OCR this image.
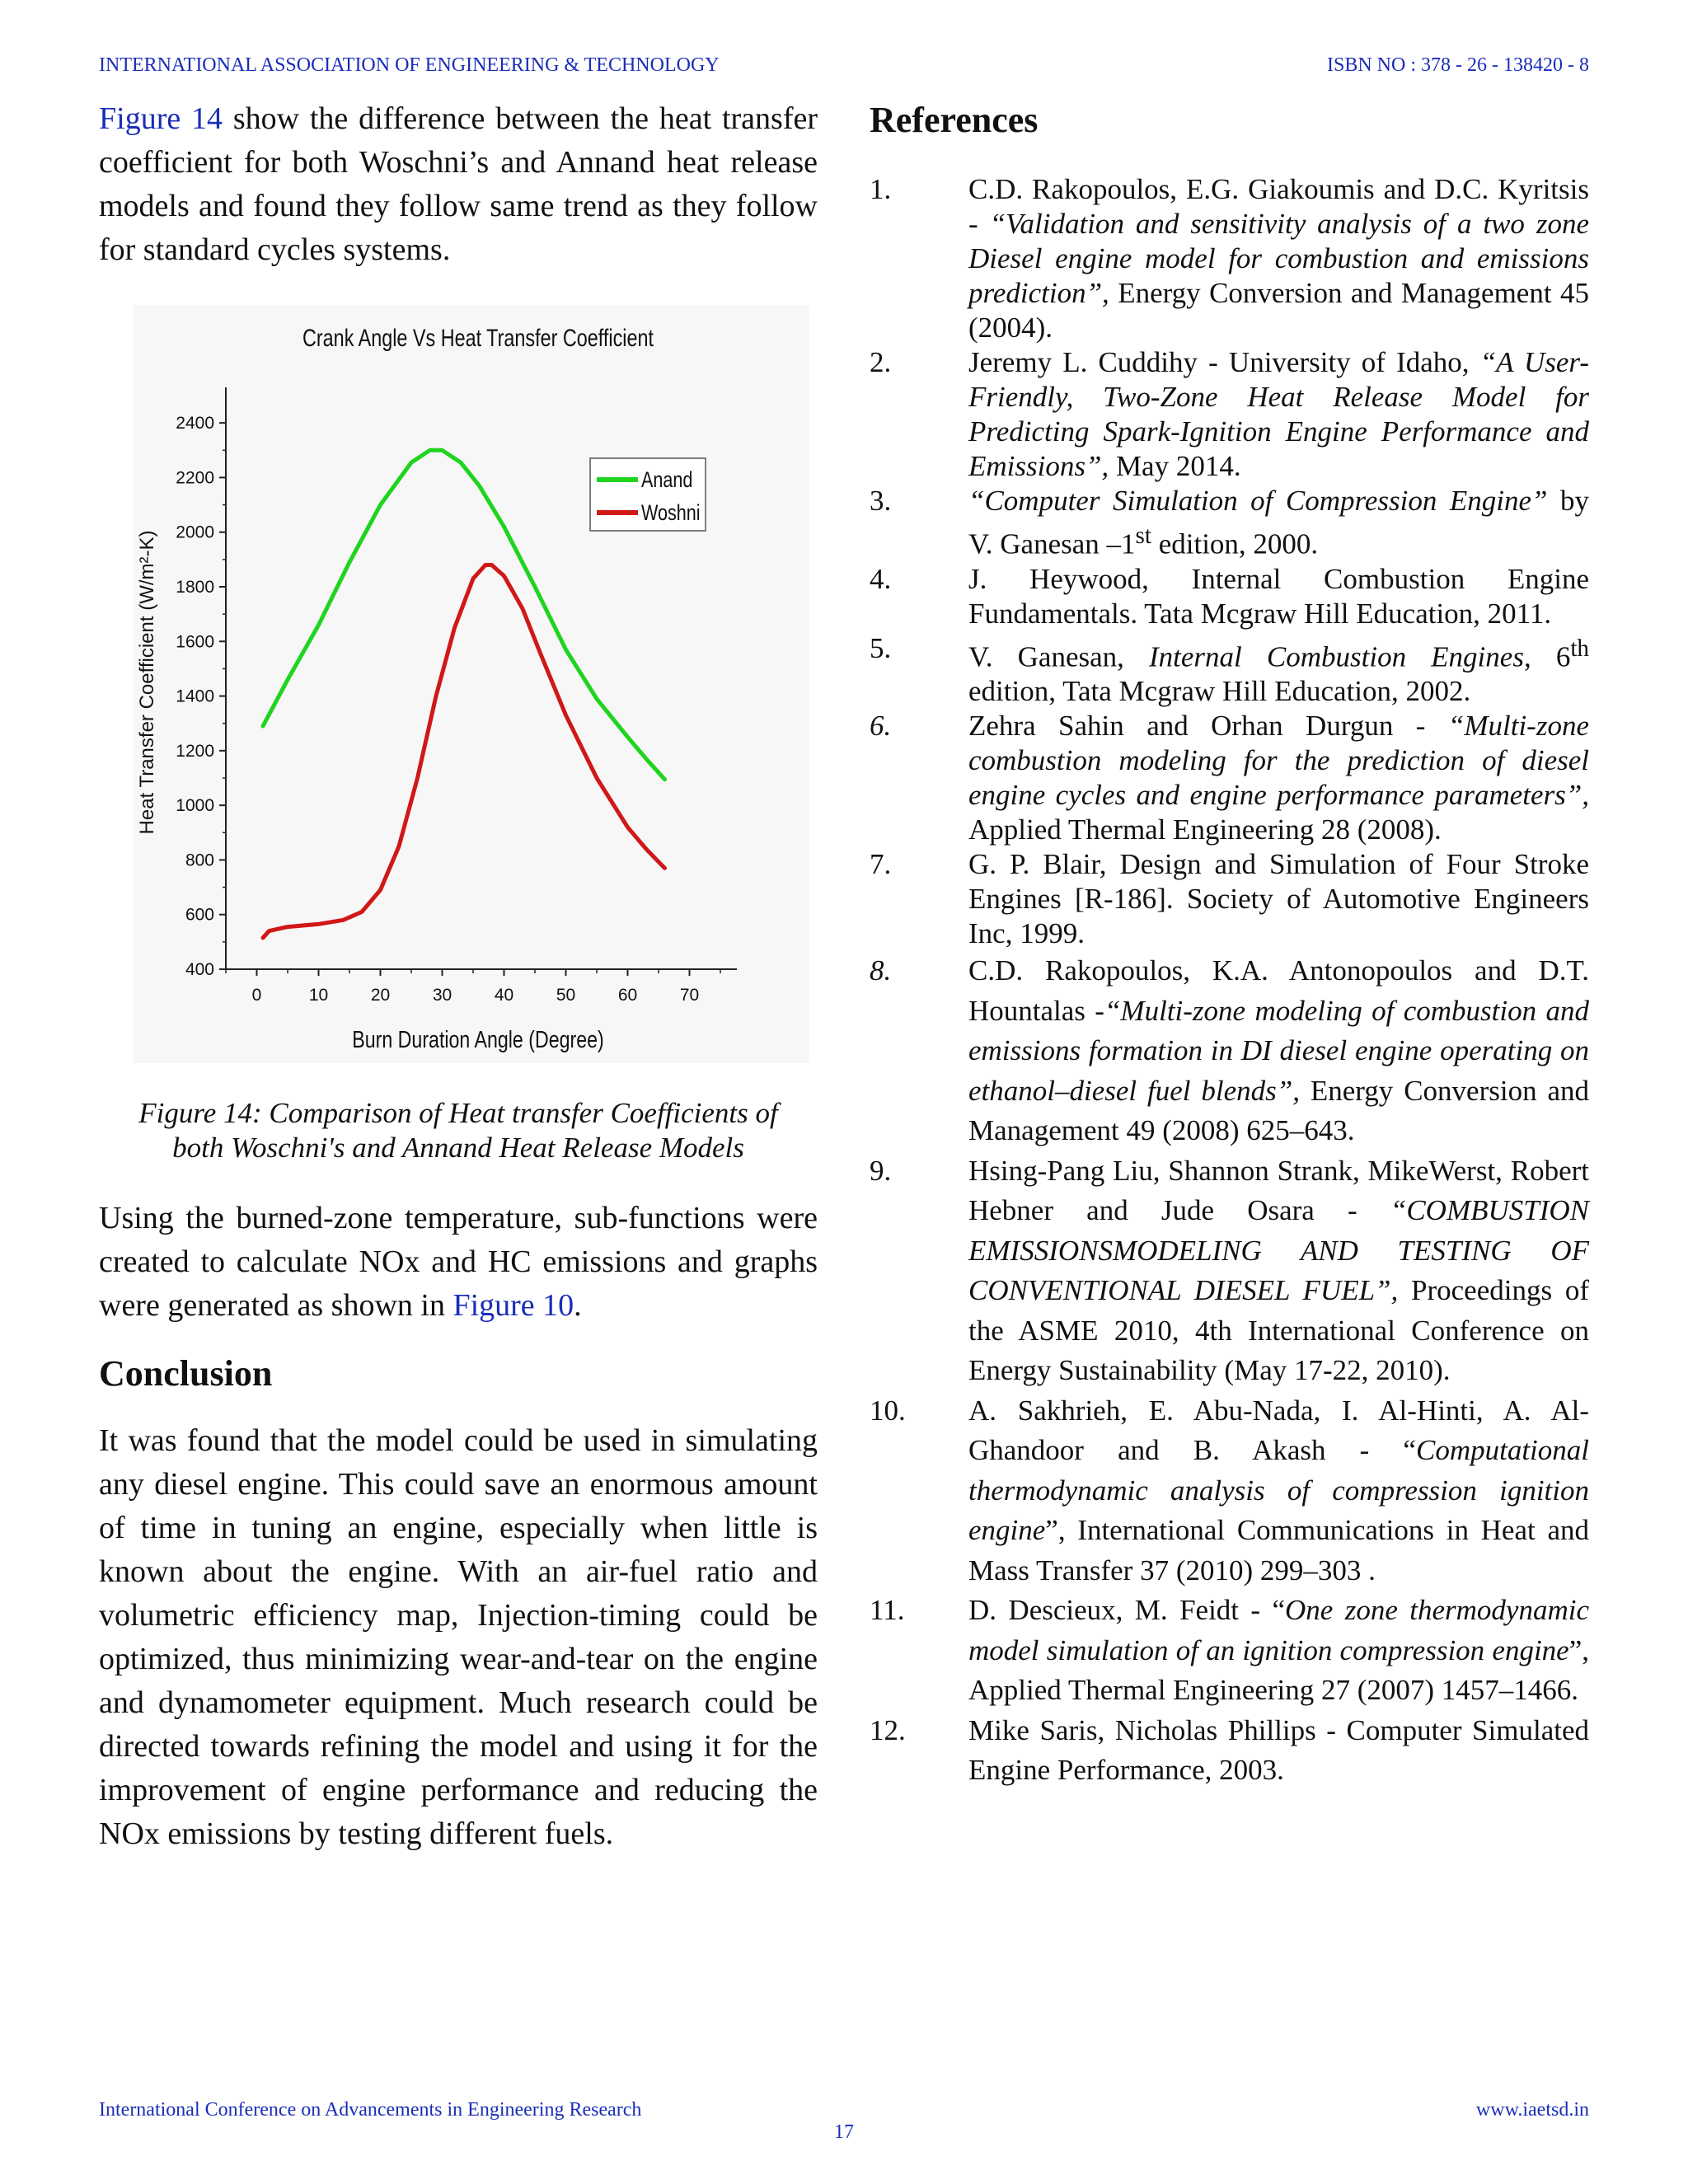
INTERNATIONAL ASSOCIATION OF ENGINEERING & TECHNOLOGY	ISBN NO : 378 - 26 - 138420 - 8

Figure 14 show the difference between the heat transfer coefficient for both Woschni’s and Annand heat release models and found they follow same trend as they follow for standard cycles systems.

Crank Angle Vs Heat Transfer Coefficient
400
600
800
1000
1200
1400
1600
1800
2000
2200
2400
0	10 20 30 40 50 60 70
Burn Duration Angle (Degree)
Heat Transfer Coefficient (W/m²-K)
Anand
Woshni

Figure 14: Comparison of Heat transfer Coefficients of
both Woschni's and Annand Heat Release Models

Using the burned-zone temperature, sub-functions were created to calculate NOx and HC emissions and graphs were generated as shown in Figure 10.

Conclusion

It was found that the model could be used in simulating any diesel engine. This could save an enormous amount of time in tuning an engine, especially when little is known about the engine. With an air-fuel ratio and volumetric efficiency map, Injection-timing could be optimized, thus minimizing wear-and-tear on the engine and dynamometer equipment. Much research could be directed towards refining the model and using it for the improvement of engine performance and reducing the NOx emissions by testing different fuels.

References
1.	C.D. Rakopoulos, E.G. Giakoumis and D.C. Kyritsis - “Validation and sensitivity analysis of a two zone Diesel engine model for combustion and emissions prediction”, Energy Conversion and Management 45 (2004).
2.	Jeremy L. Cuddihy - University of Idaho, “A User-Friendly, Two-Zone Heat Release Model for Predicting Spark-Ignition Engine Performance and Emissions”, May 2014.
3.	“Computer Simulation of Compression Engine” by V. Ganesan –1st edition, 2000.
4.	J. Heywood, Internal Combustion Engine Fundamentals. Tata Mcgraw Hill Education, 2011.
5.	V. Ganesan, Internal Combustion Engines, 6th edition, Tata Mcgraw Hill Education, 2002.
6.	Zehra Sahin and Orhan Durgun - “Multi-zone combustion modeling for the prediction of diesel engine cycles and engine performance parameters”, Applied Thermal Engineering 28 (2008).
7.	G. P. Blair, Design and Simulation of Four Stroke Engines [R-186]. Society of Automotive Engineers Inc, 1999.
8.	C.D. Rakopoulos, K.A. Antonopoulos and D.T. Hountalas -“Multi-zone modeling of combustion and emissions formation in DI diesel engine operating on ethanol–diesel fuel blends”, Energy Conversion and Management 49 (2008) 625–643.
9.	Hsing-Pang Liu, Shannon Strank, MikeWerst, Robert Hebner and Jude Osara - “COMBUSTION EMISSIONSMODELING AND TESTING OF CONVENTIONAL DIESEL FUEL”, Proceedings of the ASME 2010, 4th International Conference on Energy Sustainability (May 17-22, 2010).
10.	A. Sakhrieh, E. Abu-Nada, I. Al-Hinti, A. Al-Ghandoor and B. Akash - “Computational thermodynamic analysis of compression ignition engine”, International Communications in Heat and Mass Transfer 37 (2010) 299–303 .
11.	D. Descieux, M. Feidt - “One zone thermodynamic model simulation of an ignition compression engine”, Applied Thermal Engineering 27 (2007) 1457–1466.
12.	Mike Saris, Nicholas Phillips - Computer Simulated Engine Performance, 2003.
International Conference on Advancements in Engineering Research	www.iaetsd.in
17
